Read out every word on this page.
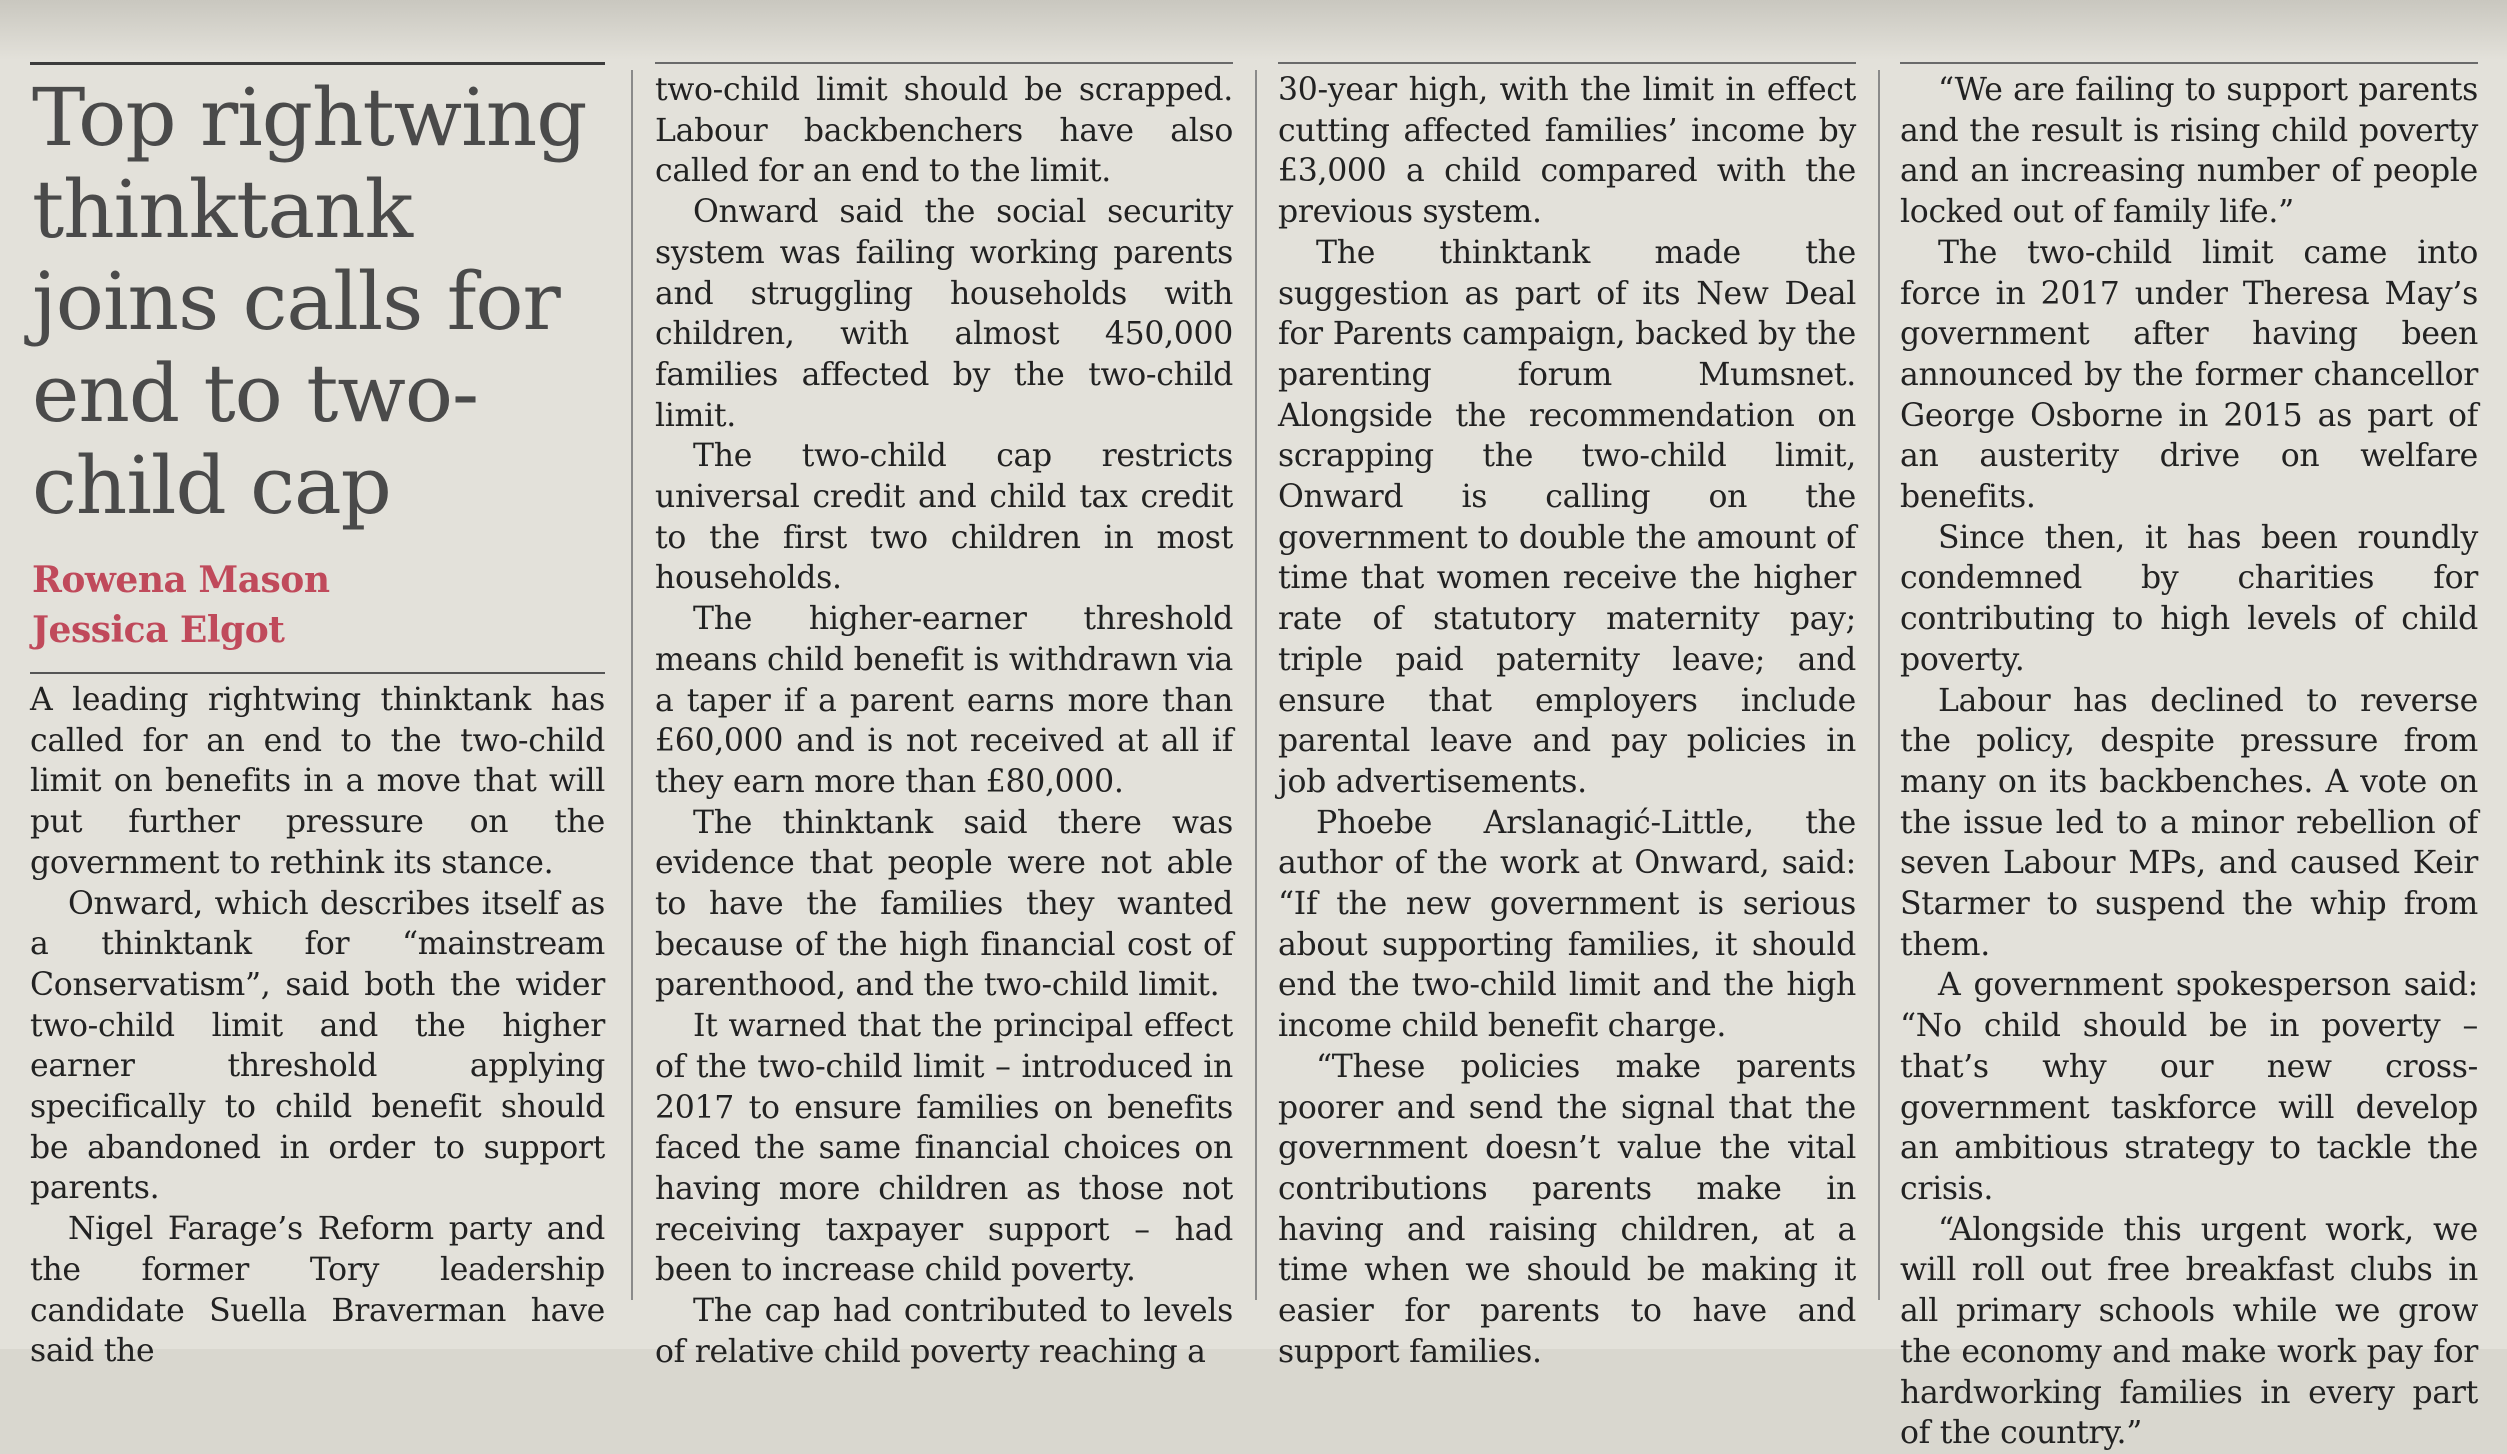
Top rightwing thinktank joins calls for end to two-child cap
Rowena Mason
Jessica Elgot

A leading rightwing thinktank has called for an end to the two-child limit on benefits in a move that will put further pressure on the government to rethink its stance.

Onward, which describes itself as a thinktank for “mainstream Conservatism”, said both the wider two-child limit and the higher earner threshold applying specifically to child benefit should be abandoned in order to support parents.

Nigel Farage’s Reform party and the former Tory leadership candidate Suella Braverman have said the

two-child limit should be scrapped. Labour backbenchers have also called for an end to the limit.

Onward said the social security system was failing working parents and struggling households with children, with almost 450,000 families affected by the two-child limit.

The two-child cap restricts universal credit and child tax credit to the first two children in most households.

The higher-earner threshold means child benefit is withdrawn via a taper if a parent earns more than £60,000 and is not received at all if they earn more than £80,000.

The thinktank said there was evidence that people were not able to have the families they wanted because of the high financial cost of parenthood, and the two-child limit.

It warned that the principal effect of the two-child limit – introduced in 2017 to ensure families on benefits faced the same financial choices on having more children as those not receiving taxpayer support – had been to increase child poverty.

The cap had contributed to levels of relative child poverty reaching a

30-year high, with the limit in effect cutting affected families’ income by £3,000 a child compared with the previous system.

The thinktank made the suggestion as part of its New Deal for Parents campaign, backed by the parenting forum Mumsnet. Alongside the recommendation on scrapping the two-child limit, Onward is calling on the government to double the amount of time that women receive the higher rate of statutory maternity pay; triple paid paternity leave; and ensure that employers include parental leave and pay policies in job advertisements.

Phoebe Arslanagić-Little, the author of the work at Onward, said: “If the new government is serious about supporting families, it should end the two-child limit and the high income child benefit charge.

“These policies make parents poorer and send the signal that the government doesn’t value the vital contributions parents make in having and raising children, at a time when we should be making it easier for parents to have and support families.

“We are failing to support parents and the result is rising child poverty and an increasing number of people locked out of family life.”

The two-child limit came into force in 2017 under Theresa May’s government after having been announced by the former chancellor George Osborne in 2015 as part of an austerity drive on welfare benefits.

Since then, it has been roundly condemned by charities for contributing to high levels of child poverty.

Labour has declined to reverse the policy, despite pressure from many on its backbenches. A vote on the issue led to a minor rebellion of seven Labour MPs, and caused Keir Starmer to suspend the whip from them.

A government spokesperson said: “No child should be in poverty – that’s why our new cross-government taskforce will develop an ambitious strategy to tackle the crisis.

“Alongside this urgent work, we will roll out free breakfast clubs in all primary schools while we grow the economy and make work pay for hardworking families in every part of the country.”
